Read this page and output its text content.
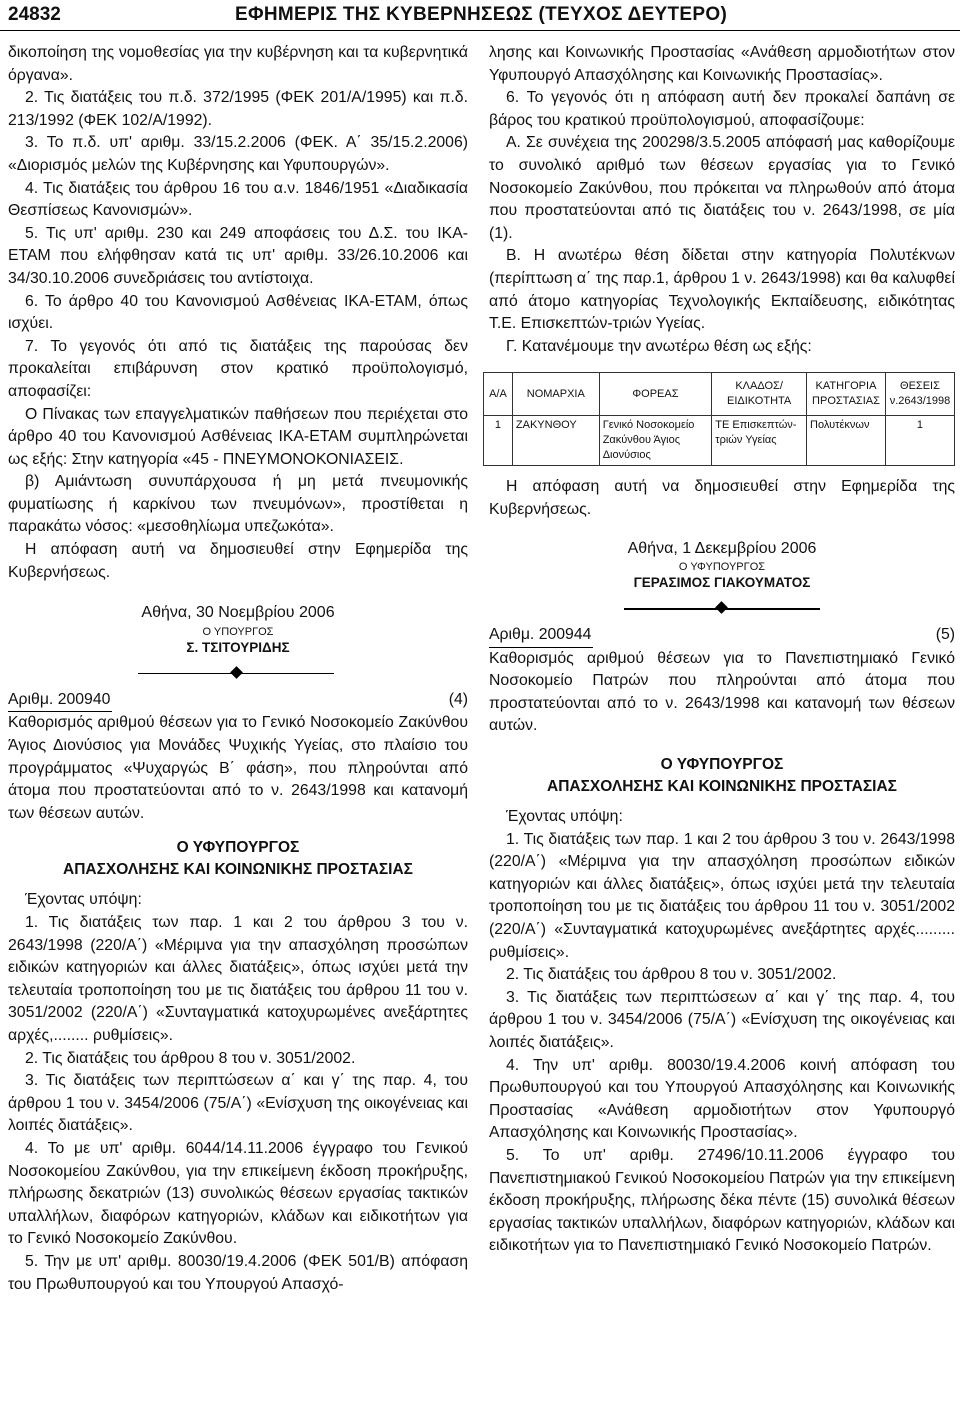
24832	ΕΦΗΜΕΡΙΣ ΤΗΣ ΚΥΒΕΡΝΗΣΕΩΣ (ΤΕΥΧΟΣ ΔΕΥΤΕΡΟ)

δικοποίηση της νομοθεσίας για την κυβέρνηση και τα κυβερνητικά όργανα».

2. Τις διατάξεις του π.δ. 372/1995 (ΦΕΚ 201/Α/1995) και π.δ. 213/1992 (ΦΕΚ 102/Α/1992).

3. Το π.δ. υπ' αριθμ. 33/15.2.2006 (ΦΕΚ. Α΄ 35/15.2.2006) «Διορισμός μελών της Κυβέρνησης και Υφυπουργών».

4. Τις διατάξεις του άρθρου 16 του α.ν. 1846/1951 «Διαδικασία Θεσπίσεως Κανονισμών».

5. Τις υπ' αριθμ. 230 και 249 αποφάσεις του Δ.Σ. του ΙΚΑ-ΕΤΑΜ που ελήφθησαν κατά τις υπ' αριθμ. 33/26.10.2006 και 34/30.10.2006 συνεδριάσεις του αντίστοιχα.

6. Το άρθρο 40 του Κανονισμού Ασθένειας ΙΚΑ-ΕΤΑΜ, όπως ισχύει.

7. Το γεγονός ότι από τις διατάξεις της παρούσας δεν προκαλείται επιβάρυνση στον κρατικό προϋπολογισμό, αποφασίζει:

Ο Πίνακας των επαγγελματικών παθήσεων που περιέχεται στο άρθρο 40 του Κανονισμού Ασθένειας ΙΚΑ-ΕΤΑΜ συμπληρώνεται ως εξής: Στην κατηγορία «45 - ΠΝΕΥΜΟΝΟΚΟΝΙΑΣΕΙΣ.

β) Αμιάντωση συνυπάρχουσα ή μη μετά πνευμονικής φυματίωσης ή καρκίνου των πνευμόνων», προστίθεται η παρακάτω νόσος: «μεσοθηλίωμα υπεζωκότα».

Η απόφαση αυτή να δημοσιευθεί στην Εφημερίδα της Κυβερνήσεως.

Αθήνα, 30 Νοεμβρίου 2006

Ο ΥΠΟΥΡΓΟΣ

Σ. ΤΣΙΤΟΥΡΙΔΗΣ

Αριθμ. 200940	(4)

Καθορισμός αριθμού θέσεων για το Γενικό Νοσοκομείο Ζακύνθου Άγιος Διονύσιος για Μονάδες Ψυχικής Υγείας, στο πλαίσιο του προγράμματος «Ψυχαργώς Β΄ φάση», που πληρούνται από άτομα που προστατεύονται από το ν. 2643/1998 και κατανομή των θέσεων αυτών.

Ο ΥΦΥΠΟΥΡΓΟΣ

ΑΠΑΣΧΟΛΗΣΗΣ ΚΑΙ ΚΟΙΝΩΝΙΚΗΣ ΠΡΟΣΤΑΣΙΑΣ

Έχοντας υπόψη:

1. Τις διατάξεις των παρ. 1 και 2 του άρθρου 3 του ν. 2643/1998 (220/Α΄) «Μέριμνα για την απασχόληση προσώπων ειδικών κατηγοριών και άλλες διατάξεις», όπως ισχύει μετά την τελευταία τροποποίηση του με τις διατάξεις του άρθρου 11 του ν. 3051/2002 (220/Α΄) «Συνταγματικά κατοχυρωμένες ανεξάρτητες αρχές,........ ρυθμίσεις».

2. Τις διατάξεις του άρθρου 8 του ν. 3051/2002.

3. Τις διατάξεις των περιπτώσεων α΄ και γ΄ της παρ. 4, του άρθρου 1 του ν. 3454/2006 (75/Α΄) «Ενίσχυση της οικογένειας και λοιπές διατάξεις».

4. Το με υπ' αριθμ. 6044/14.11.2006 έγγραφο του Γενικού Νοσοκομείου Ζακύνθου, για την επικείμενη έκδοση προκήρυξης, πλήρωσης δεκατριών (13) συνολικώς θέσεων εργασίας τακτικών υπαλλήλων, διαφόρων κατηγοριών, κλάδων και ειδικοτήτων για το Γενικό Νοσοκομείο Ζακύνθου.

5. Την με υπ' αριθμ. 80030/19.4.2006 (ΦΕΚ 501/Β) απόφαση του Πρωθυπουργού και του Υπουργού Απασχό-

λησης και Κοινωνικής Προστασίας «Ανάθεση αρμοδιοτήτων στον Υφυπουργό Απασχόλησης και Κοινωνικής Προστασίας».

6. Το γεγονός ότι η απόφαση αυτή δεν προκαλεί δαπάνη σε βάρος του κρατικού προϋπολογισμού, αποφασίζουμε:

Α. Σε συνέχεια της 200298/3.5.2005 απόφασή μας καθορίζουμε το συνολικό αριθμό των θέσεων εργασίας για το Γενικό Νοσοκομείο Ζακύνθου, που πρόκειται να πληρωθούν από άτομα που προστατεύονται από τις διατάξεις του ν. 2643/1998, σε μία (1).

Β. Η ανωτέρω θέση δίδεται στην κατηγορία Πολυτέκνων (περίπτωση α΄ της παρ.1, άρθρου 1 ν. 2643/1998) και θα καλυφθεί από άτομο κατηγορίας Τεχνολογικής Εκπαίδευσης, ειδικότητας Τ.Ε. Επισκεπτών-τριών Υγείας.

Γ. Κατανέμουμε την ανωτέρω θέση ως εξής:

Α/Α	ΝΟΜΑΡΧΙΑ	ΦΟΡΕΑΣ	ΚΛΑΔΟΣ/ ΕΙΔΙΚΟΤΗΤΑ	ΚΑΤΗΓΟΡΙΑ ΠΡΟΣΤΑΣΙΑΣ	ΘΕΣΕΙΣ ν.2643/1998
1	ΖΑΚΥΝΘΟΥ	Γενικό Νοσοκομείο Ζακύνθου Άγιος Διονύσιος	ΤΕ Επισκεπτών-τριών Υγείας	Πολυτέκνων	1

Η απόφαση αυτή να δημοσιευθεί στην Εφημερίδα της Κυβερνήσεως.

Αθήνα, 1 Δεκεμβρίου 2006

Ο ΥΦΥΠΟΥΡΓΟΣ

ΓΕΡΑΣΙΜΟΣ ΓΙΑΚΟΥΜΑΤΟΣ

Αριθμ. 200944	(5)

Καθορισμός αριθμού θέσεων για το Πανεπιστημιακό Γενικό Νοσοκομείο Πατρών που πληρούνται από άτομα που προστατεύονται από το ν. 2643/1998 και κατανομή των θέσεων αυτών.

Ο ΥΦΥΠΟΥΡΓΟΣ

ΑΠΑΣΧΟΛΗΣΗΣ ΚΑΙ ΚΟΙΝΩΝΙΚΗΣ ΠΡΟΣΤΑΣΙΑΣ

Έχοντας υπόψη:

1. Τις διατάξεις των παρ. 1 και 2 του άρθρου 3 του ν. 2643/1998 (220/Α΄) «Μέριμνα για την απασχόληση προσώπων ειδικών κατηγοριών και άλλες διατάξεις», όπως ισχύει μετά την τελευταία τροποποίηση του με τις διατάξεις του άρθρου 11 του ν. 3051/2002 (220/Α΄) «Συνταγματικά κατοχυρωμένες ανεξάρτητες αρχές......... ρυθμίσεις».

2. Τις διατάξεις του άρθρου 8 του ν. 3051/2002.

3. Τις διατάξεις των περιπτώσεων α΄ και γ΄ της παρ. 4, του άρθρου 1 του ν. 3454/2006 (75/Α΄) «Ενίσχυση της οικογένειας και λοιπές διατάξεις».

4. Την υπ' αριθμ. 80030/19.4.2006 κοινή απόφαση του Πρωθυπουργού και του Υπουργού Απασχόλησης και Κοινωνικής Προστασίας «Ανάθεση αρμοδιοτήτων στον Υφυπουργό Απασχόλησης και Κοινωνικής Προστασίας».

5. Το υπ' αριθμ. 27496/10.11.2006 έγγραφο του Πανεπιστημιακού Γενικού Νοσοκομείου Πατρών για την επικείμενη έκδοση προκήρυξης, πλήρωσης δέκα πέντε (15) συνολικά θέσεων εργασίας τακτικών υπαλλήλων, διαφόρων κατηγοριών, κλάδων και ειδικοτήτων για το Πανεπιστημιακό Γενικό Νοσοκομείο Πατρών.
